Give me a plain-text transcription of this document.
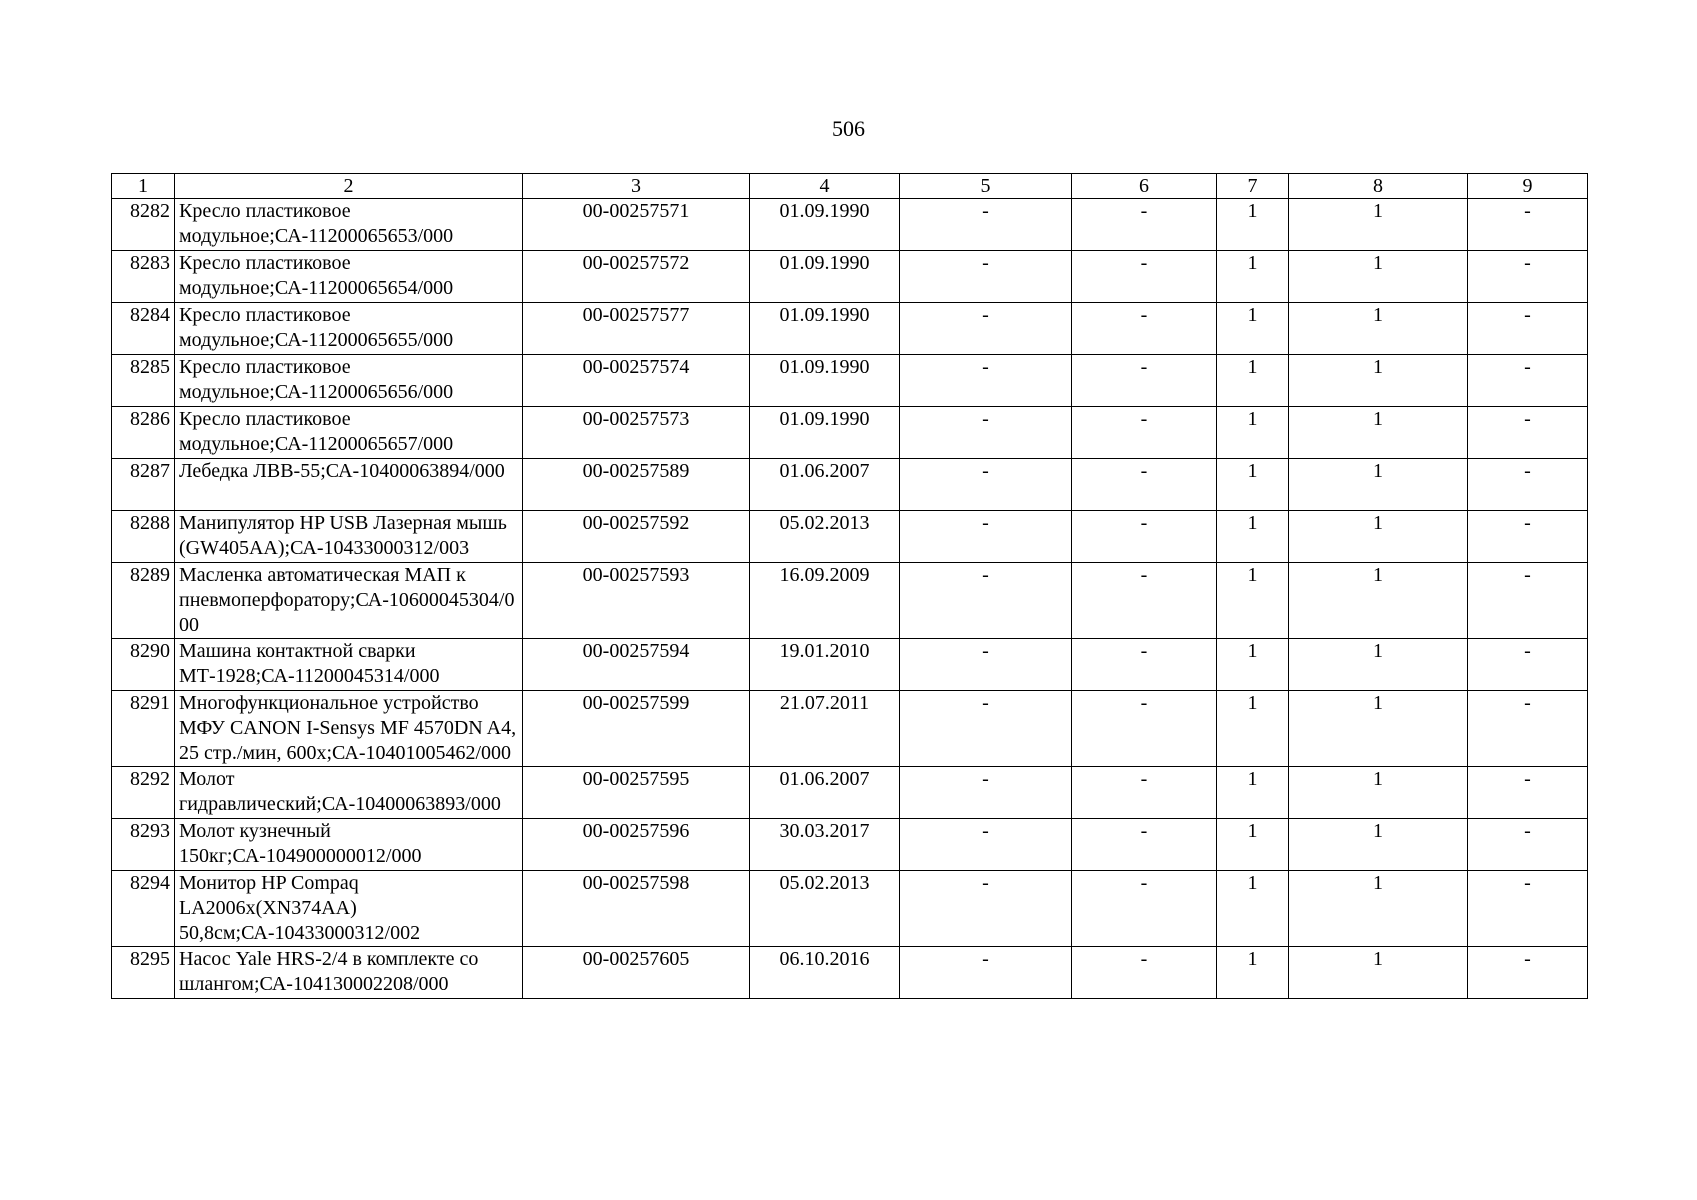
506
1	2	3	4	5	6	7	8	9
8282	Кресло пластиковое модульное;СА-11200065653/000	00-00257571	01.09.1990	-	-	1	1	-
8283	Кресло пластиковое модульное;СА-11200065654/000	00-00257572	01.09.1990	-	-	1	1	-
8284	Кресло пластиковое модульное;СА-11200065655/000	00-00257577	01.09.1990	-	-	1	1	-
8285	Кресло пластиковое модульное;СА-11200065656/000	00-00257574	01.09.1990	-	-	1	1	-
8286	Кресло пластиковое модульное;СА-11200065657/000	00-00257573	01.09.1990	-	-	1	1	-
8287	Лебедка ЛВВ-55;СА-10400063894/000	00-00257589	01.06.2007	-	-	1	1	-
8288	Манипулятор HP USB Лазерная мышь (GW405AA);СА-10433000312/003	00-00257592	05.02.2013	-	-	1	1	-
8289	Масленка автоматическая МАП к пневмоперфоратору;СА-10600045304/000	00-00257593	16.09.2009	-	-	1	1	-
8290	Машина контактной сварки МТ-1928;СА-11200045314/000	00-00257594	19.01.2010	-	-	1	1	-
8291	Многофункциональное устройство МФУ CANON I-Sensys MF 4570DN A4, 25 стр./мин, 600х;СА-10401005462/000	00-00257599	21.07.2011	-	-	1	1	-
8292	Молот гидравлический;СА-10400063893/000	00-00257595	01.06.2007	-	-	1	1	-
8293	Молот кузнечный 150кг;СА-104900000012/000	00-00257596	30.03.2017	-	-	1	1	-
8294	Монитор HP Compaq LA2006x(XN374AA) 50,8см;СА-10433000312/002	00-00257598	05.02.2013	-	-	1	1	-
8295	Насос Yale HRS-2/4 в комплекте со шлангом;СА-104130002208/000	00-00257605	06.10.2016	-	-	1	1	-
